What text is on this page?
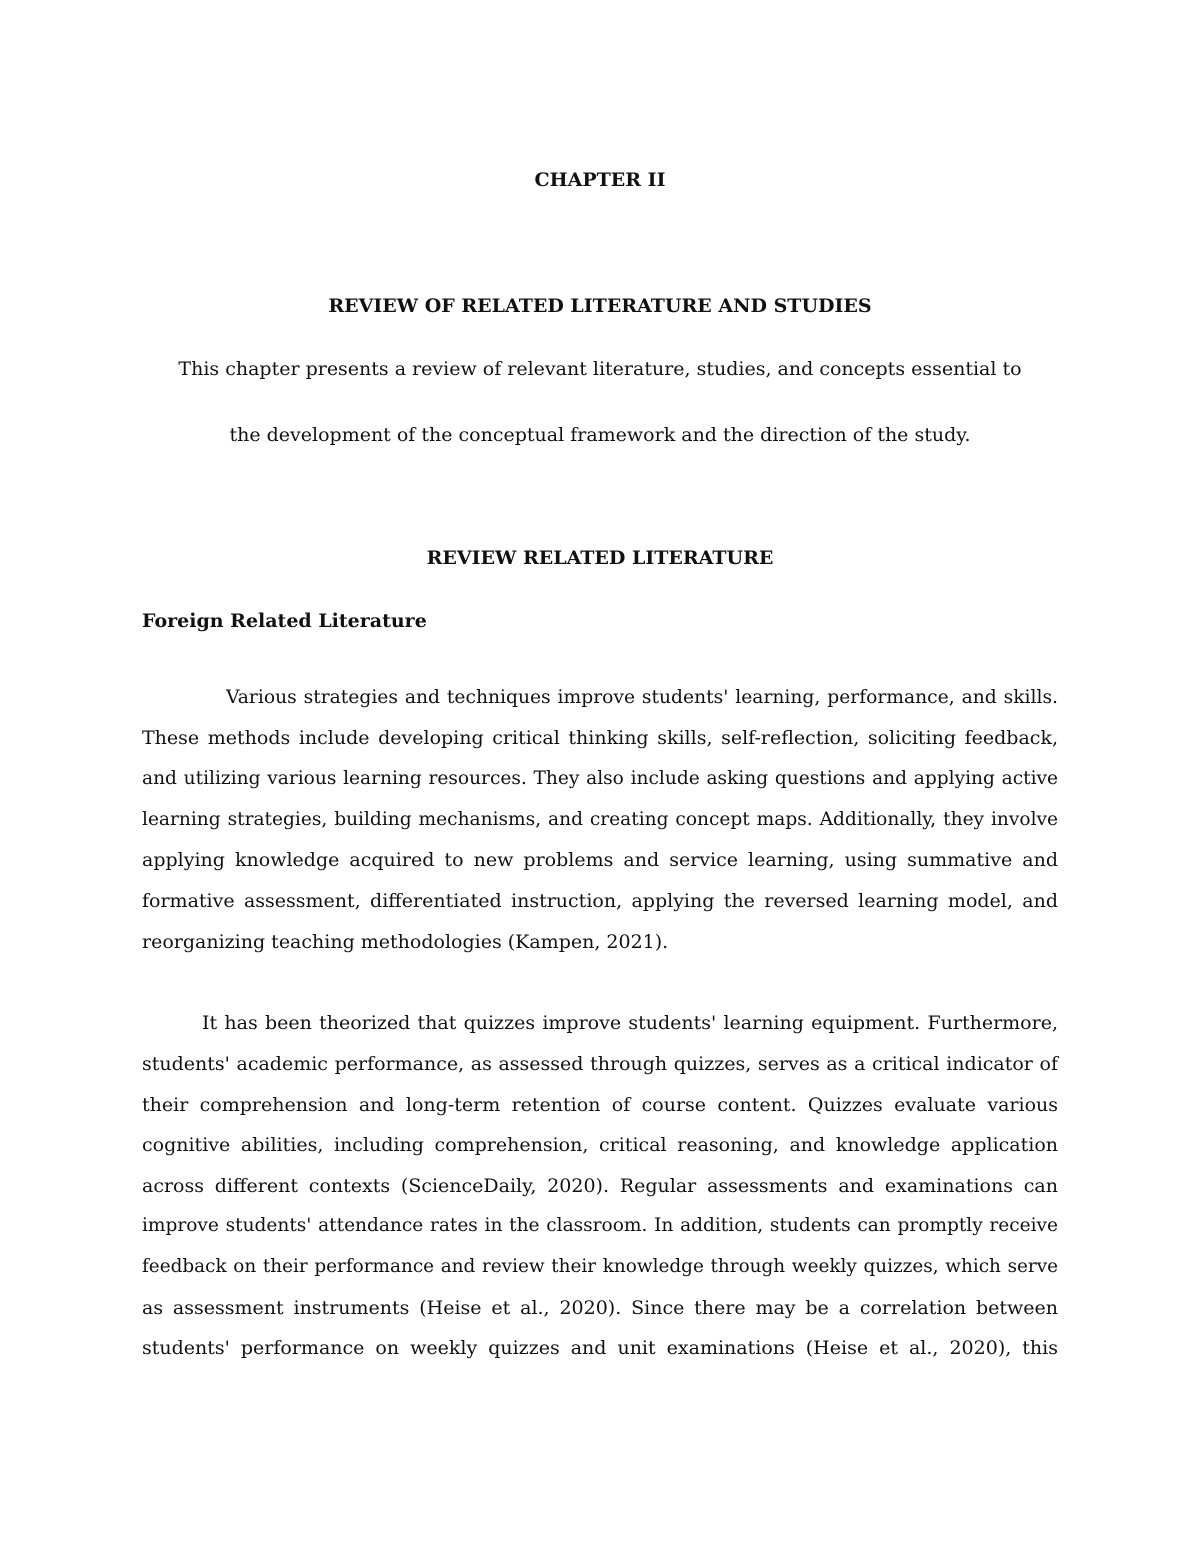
CHAPTER II
REVIEW OF RELATED LITERATURE AND STUDIES
This chapter presents a review of relevant literature, studies, and concepts essential to
the development of the conceptual framework and the direction of the study.
REVIEW RELATED LITERATURE
Foreign Related Literature
Various strategies and techniques improve students' learning, performance, and skills.
These methods include developing critical thinking skills, self-reflection, soliciting feedback,
and utilizing various learning resources. They also include asking questions and applying active
learning strategies, building mechanisms, and creating concept maps. Additionally, they involve
applying knowledge acquired to new problems and service learning, using summative and
formative assessment, differentiated instruction, applying the reversed learning model, and
reorganizing teaching methodologies (Kampen, 2021).
It has been theorized that quizzes improve students' learning equipment. Furthermore,
students' academic performance, as assessed through quizzes, serves as a critical indicator of
their comprehension and long-term retention of course content. Quizzes evaluate various
cognitive abilities, including comprehension, critical reasoning, and knowledge application
across different contexts (ScienceDaily, 2020). Regular assessments and examinations can
improve students' attendance rates in the classroom. In addition, students can promptly receive
feedback on their performance and review their knowledge through weekly quizzes, which serve
as assessment instruments (Heise et al., 2020). Since there may be a correlation between
students' performance on weekly quizzes and unit examinations (Heise et al., 2020), this
